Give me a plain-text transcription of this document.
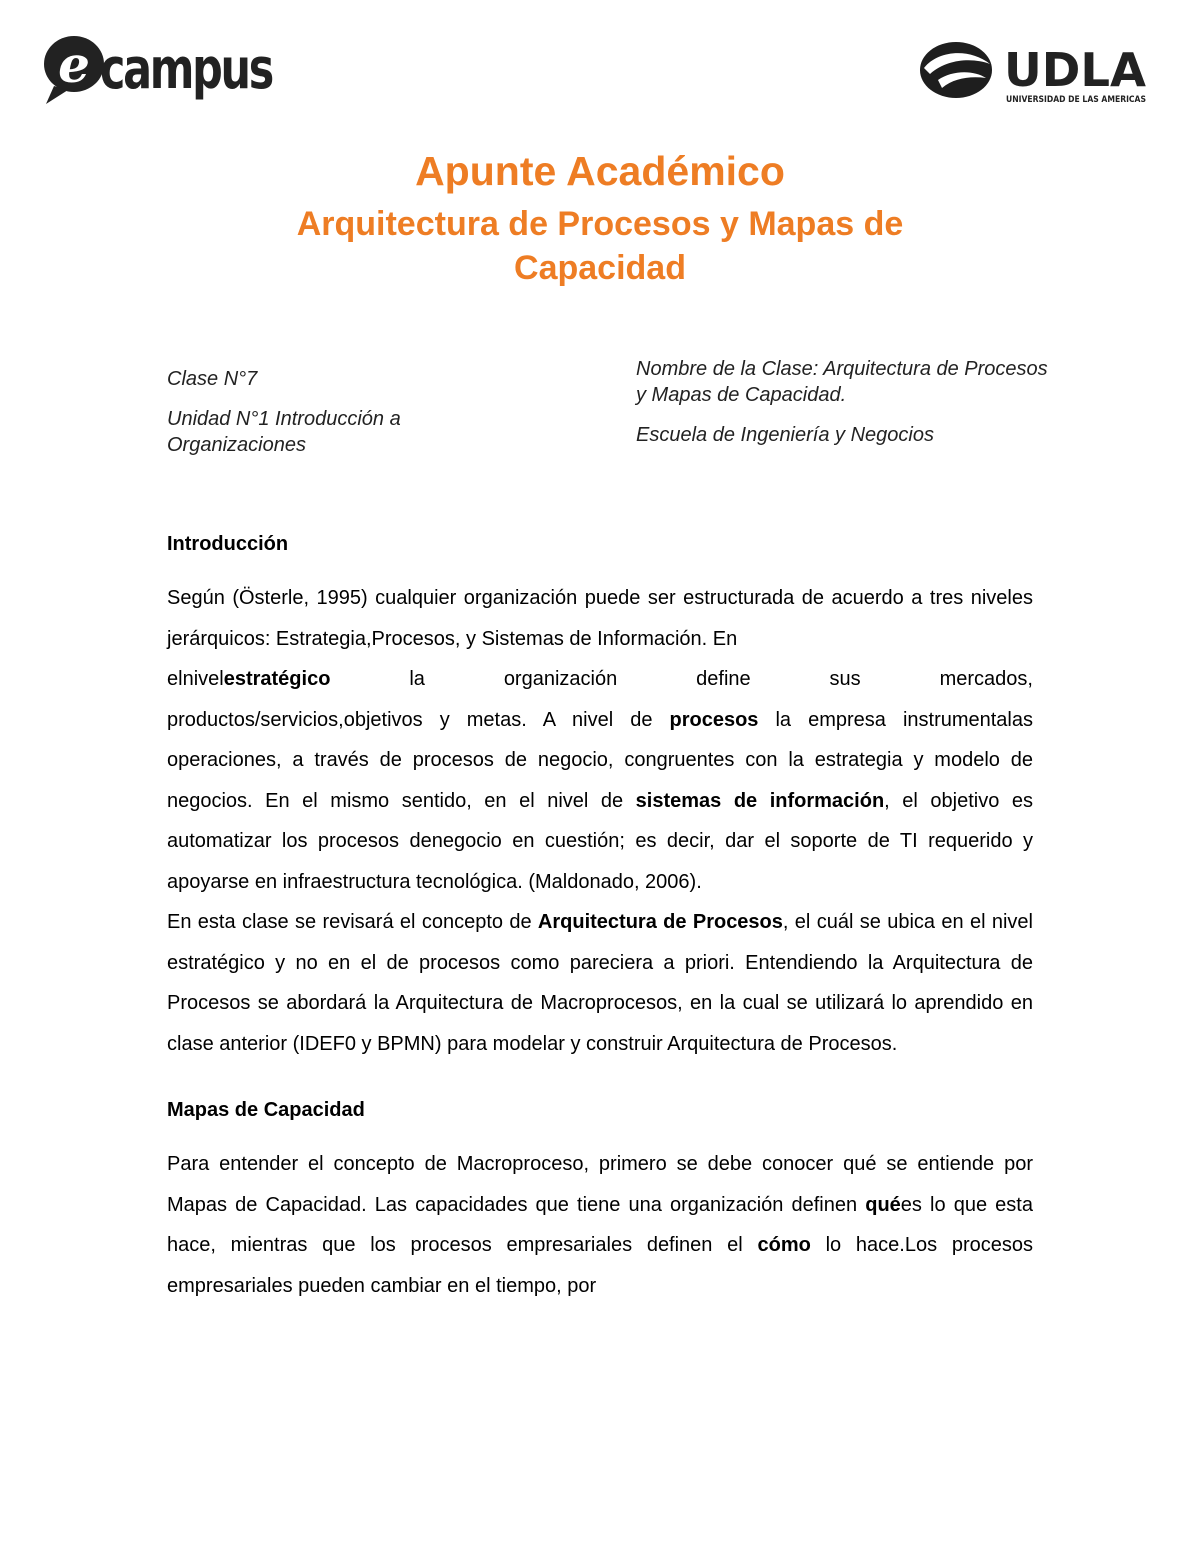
e campus	UDLA
UNIVERSIDAD DE LAS AMERICAS
Apunte Académico
Arquitectura de Procesos y Mapas de
Capacidad

Clase N°7

Unidad N°1 Introducción a Organizaciones

Nombre de la Clase: Arquitectura de Procesos y Mapas de Capacidad.

Escuela de Ingeniería y Negocios

Introducción

Según (Österle, 1995) cualquier organización puede ser estructurada de acuerdo a tres niveles jerárquicos: Estrategia,Procesos, y Sistemas de Información. En

elnivelestratégico	la	organización	define	sus	mercados,

productos/servicios,objetivos y metas. A nivel de procesos la empresa instrumentalas operaciones, a través de procesos de negocio, congruentes con la estrategia y modelo de negocios. En el mismo sentido, en el nivel de sistemas de información, el objetivo es automatizar los procesos denegocio en cuestión; es decir, dar el soporte de TI requerido y apoyarse en infraestructura tecnológica. (Maldonado, 2006).

En esta clase se revisará el concepto de Arquitectura de Procesos, el cuál se ubica en el nivel estratégico y no en el de procesos como pareciera a priori. Entendiendo la Arquitectura de Procesos se abordará la Arquitectura de Macroprocesos, en la cual se utilizará lo aprendido en clase anterior (IDEF0 y BPMN) para modelar y construir Arquitectura de Procesos.

Mapas de Capacidad

Para entender el concepto de Macroproceso, primero se debe conocer qué se entiende por Mapas de Capacidad. Las capacidades que tiene una organización definen quées lo que esta hace, mientras que los procesos empresariales definen el cómo lo hace.Los procesos empresariales pueden cambiar en el tiempo, por
